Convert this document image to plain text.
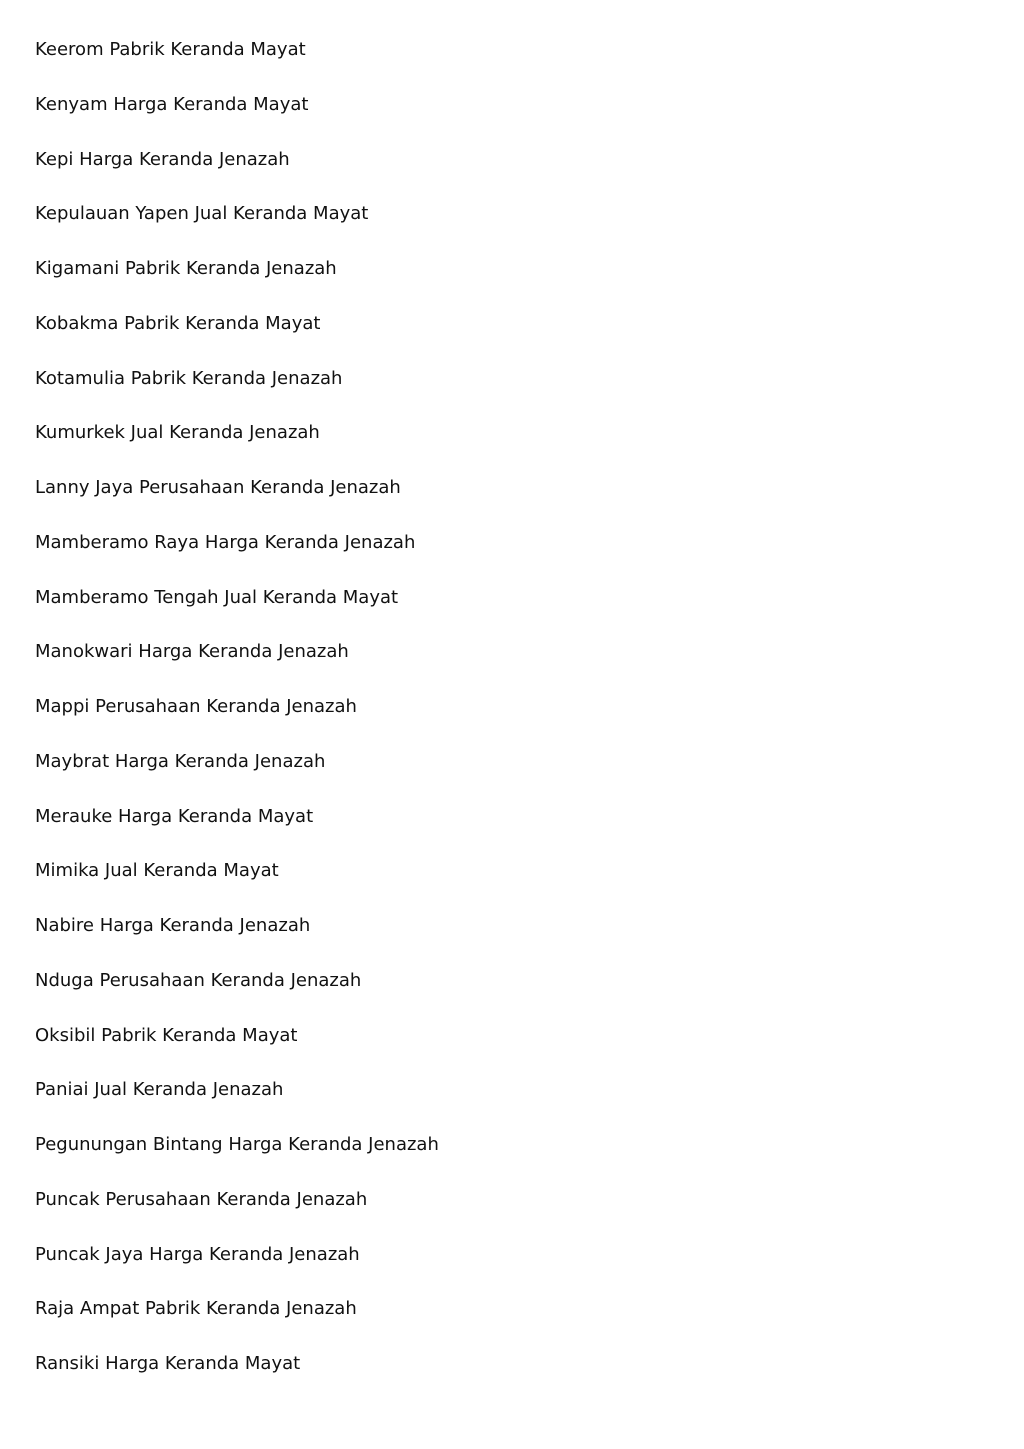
Keerom Pabrik Keranda Mayat
Kenyam Harga Keranda Mayat
Kepi Harga Keranda Jenazah
Kepulauan Yapen Jual Keranda Mayat
Kigamani Pabrik Keranda Jenazah
Kobakma Pabrik Keranda Mayat
Kotamulia Pabrik Keranda Jenazah
Kumurkek Jual Keranda Jenazah
Lanny Jaya Perusahaan Keranda Jenazah
Mamberamo Raya Harga Keranda Jenazah
Mamberamo Tengah Jual Keranda Mayat
Manokwari Harga Keranda Jenazah
Mappi Perusahaan Keranda Jenazah
Maybrat Harga Keranda Jenazah
Merauke Harga Keranda Mayat
Mimika Jual Keranda Mayat
Nabire Harga Keranda Jenazah
Nduga Perusahaan Keranda Jenazah
Oksibil Pabrik Keranda Mayat
Paniai Jual Keranda Jenazah
Pegunungan Bintang Harga Keranda Jenazah
Puncak Perusahaan Keranda Jenazah
Puncak Jaya Harga Keranda Jenazah
Raja Ampat Pabrik Keranda Jenazah
Ransiki Harga Keranda Mayat
